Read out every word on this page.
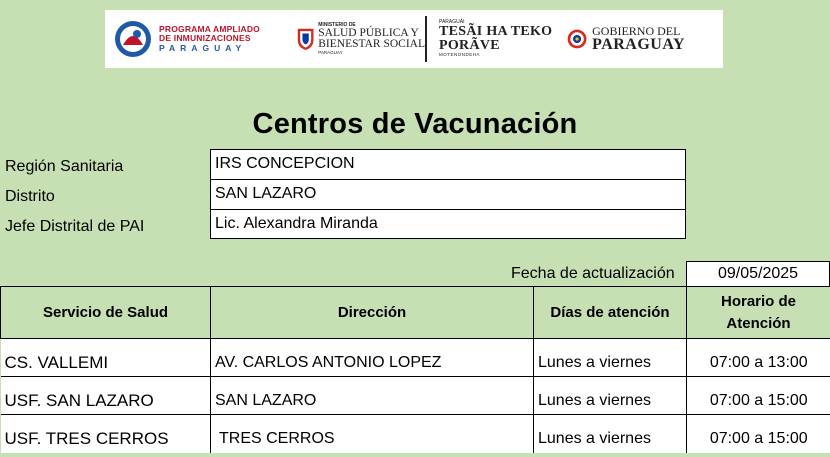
PROGRAMA AMPLIADO
DE INMUNIZACIONES
PARAGUAY
MINISTERIO DE
SALUD PÚBLICA Y
BIENESTAR SOCIAL
PARAGUAY
PARAGUÁI
TESÃI HA TEKO
PORÃVE
MOTENONDEHA
GOBIERNO DEL
PARAGUAY
Centros de Vacunación
Región Sanitaria	IRS CONCEPCION
Distrito	SAN LAZARO
Jefe Distrital de PAI	Lic. Alexandra Miranda
Fecha de actualización	09/05/2025
Servicio de Salud	Dirección	Días de atención	Horario de
Atención
CS. VALLEMI	AV. CARLOS ANTONIO LOPEZ	Lunes a viernes	07:00 a 13:00
USF. SAN LAZARO	SAN LAZARO	Lunes a viernes	07:00 a 15:00
USF. TRES CERROS	TRES CERROS	Lunes a viernes	07:00 a 15:00
